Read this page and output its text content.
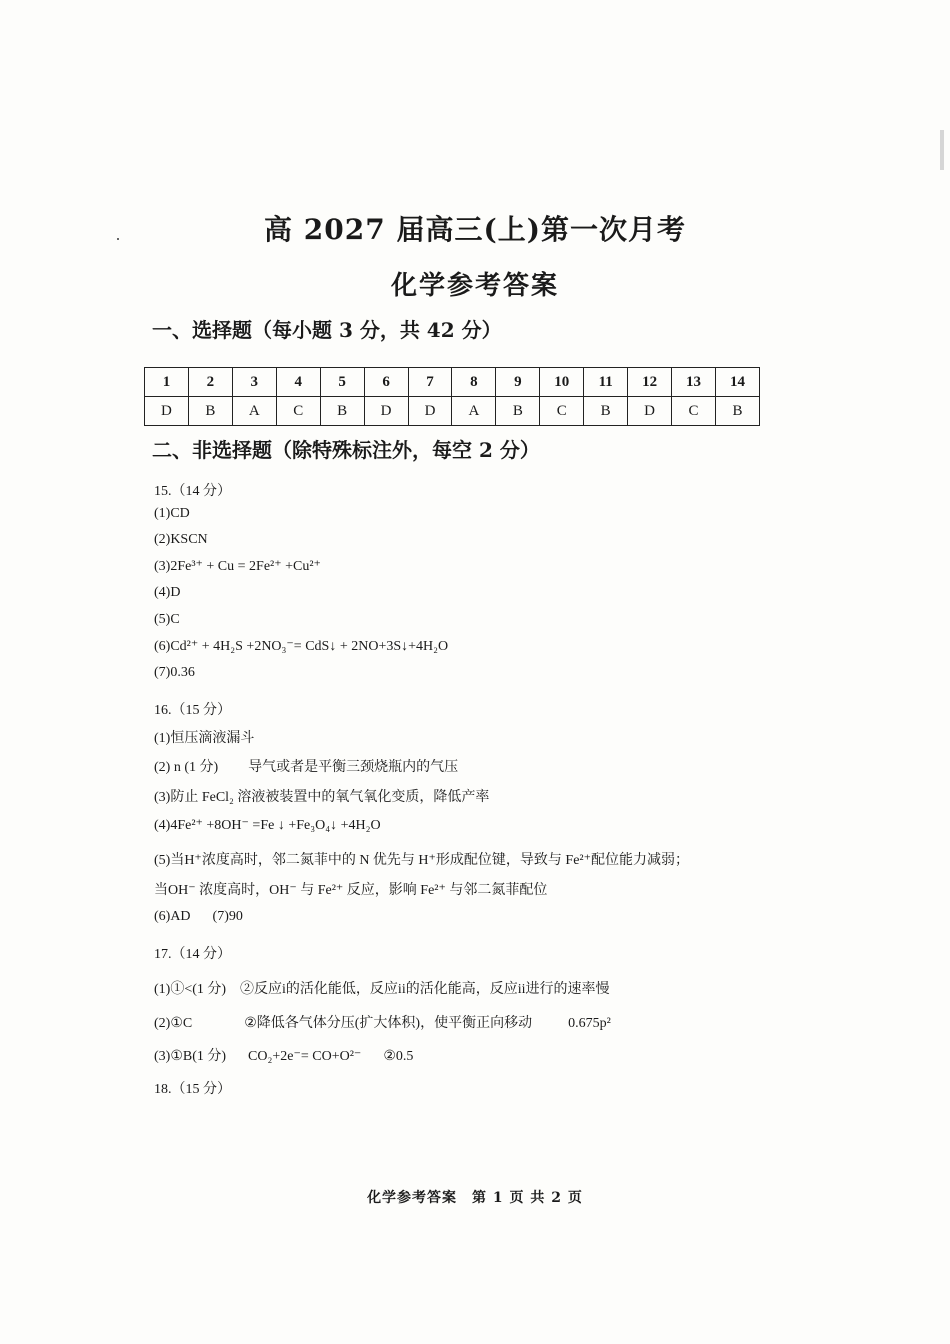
高 2027 届高三(上)第一次月考
化学参考答案
一、选择题（每小题 3 分，共 42 分）
1	2	3	4	5	6	7	8	9	10	11	12	13	14
D	B	A	C	B	D	D	A	B	C	B	D	C	B
二、非选择题（除特殊标注外，每空 2 分）
15.（14 分）
(1)CD
(2)KSCN
(3)2Fe³⁺ + Cu = 2Fe²⁺ +Cu²⁺
(4)D
(5)C
(6)Cd²⁺ + 4H₂S +2NO₃⁻= CdS↓ + 2NO+3S↓+4H₂O
(7)0.36
16.（15 分）
(1)恒压滴液漏斗
(2) n (1 分) 导气或者是平衡三颈烧瓶内的气压
(3)防止 FeCl₂ 溶液被装置中的氧气氧化变质，降低产率
(4)4Fe²⁺ +8OH⁻ =Fe ↓ +Fe₃O₄↓ +4H₂O
(5)当H⁺浓度高时，邻二氮菲中的 N 优先与 H⁺形成配位键，导致与 Fe²⁺配位能力减弱；
当OH⁻ 浓度高时，OH⁻ 与 Fe²⁺ 反应，影响 Fe²⁺ 与邻二氮菲配位
(6)AD (7)90
17.（14 分）
(1)①<(1 分) ②反应i的活化能低，反应ii的活化能高，反应ii进行的速率慢
(2)①C	②降低各气体分压(扩大体积)，使平衡正向移动	0.675p²
(3)①B(1 分) CO₂+2e⁻= CO+O²⁻ ②0.5
18.（15 分）
化学参考答案　第 1 页 共 2 页
